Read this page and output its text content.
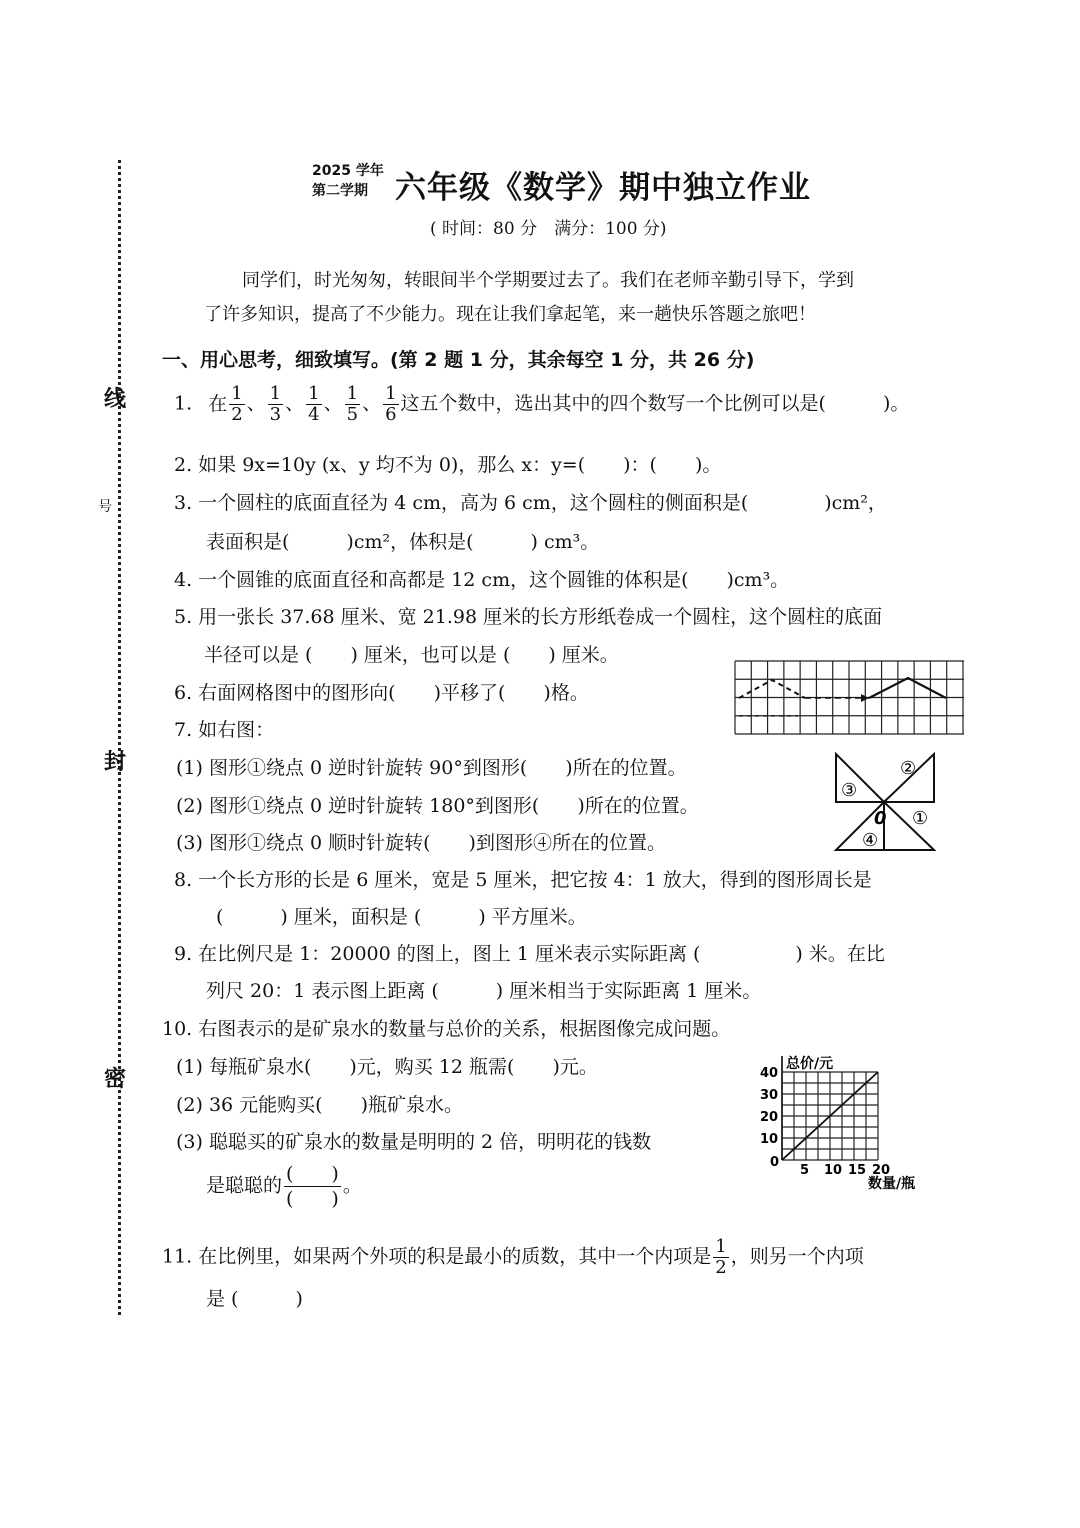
线
号
封
密
2025 学年
第二学期 六年级《数学》期中独立作业
( 时间：80 分　满分：100 分)
同学们，时光匆匆，转眼间半个学期要过去了。我们在老师辛勤引导下，学到
了许多知识，提高了不少能力。现在让我们拿起笔，来一趟快乐答题之旅吧！
一、用心思考，细致填写。(第 2 题 1 分，其余每空 1 分，共 26 分)
1. 在 $\frac{1}{2}$ 、 $\frac{1}{3}$ 、 $\frac{1}{4}$ 、 $\frac{1}{5}$ 、 $\frac{1}{6}$ 这五个数中，选出其中的四个数写一个比例可以是(　　　)。
2. 如果 9x=10y (x、y 均不为 0)，那么 x：y=(　　)：(　　)。
3. 一个圆柱的底面直径为 4 cm，高为 6 cm，这个圆柱的侧面积是(　　　　)cm²，
表面积是(　　　)cm²，体积是(　　　) cm³。
4. 一个圆锥的底面直径和高都是 12 cm，这个圆锥的体积是(　　)cm³。
5. 用一张长 37.68 厘米、宽 21.98 厘米的长方形纸卷成一个圆柱，这个圆柱的底面
半径可以是 (　　) 厘米，也可以是 (　　) 厘米。
6. 右面网格图中的图形向(　　)平移了(　　)格。
7. 如右图：
(1) 图形①绕点 0 逆时针旋转 90°到图形(　　)所在的位置。
(2) 图形①绕点 0 逆时针旋转 180°到图形(　　)所在的位置。
(3) 图形①绕点 0 顺时针旋转(　　)到图形④所在的位置。
②
③
①
④
0
8. 一个长方形的长是 6 厘米，宽是 5 厘米，把它按 4：1 放大，得到的图形周长是
(　　　) 厘米，面积是 (　　　) 平方厘米。
9. 在比例尺是 1：20000 的图上，图上 1 厘米表示实际距离 (　　　　　) 米。在比
列尺 20：1 表示图上距离 (　　　) 厘米相当于实际距离 1 厘米。
10. 右图表示的是矿泉水的数量与总价的关系，根据图像完成问题。
(1) 每瓶矿泉水(　　)元，购买 12 瓶需(　　)元。
(2) 36 元能购买(　　)瓶矿泉水。
(3) 聪聪买的矿泉水的数量是明明的 2 倍，明明花的钱数
是聪聪的 $\frac{( )}{( )}$ 。
总价/元
数量/瓶
0
10
20
30
40
5 10 15 20
11. 在比例里，如果两个外项的积是最小的质数，其中一个内项是 $\frac{1}{2}$ ，则另一个内项
是 (　　　)
